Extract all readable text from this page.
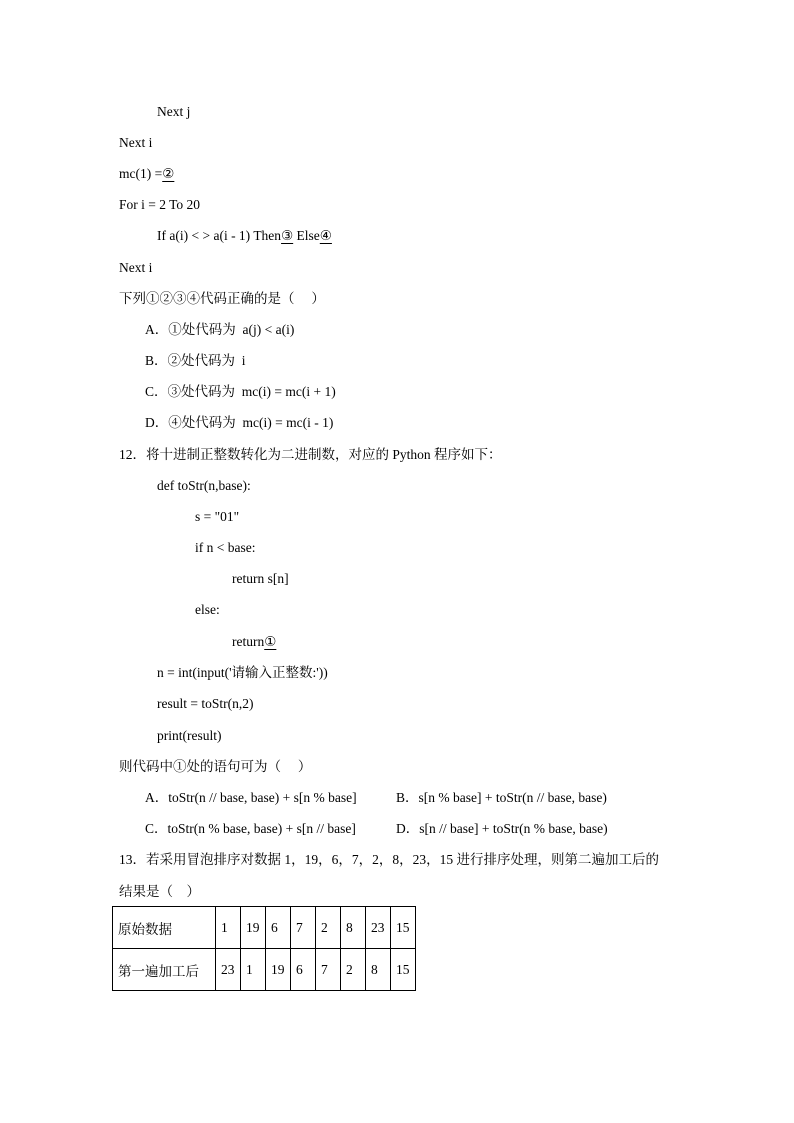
Next j
Next i
mc(1) =②
For i = 2 To 20
If a(i) < > a(i - 1) Then③ Else④
Next i
下列①②③④代码正确的是（     ）
A．①处代码为  a(j) < a(i)
B．②处代码为  i
C．③处代码为  mc(i) = mc(i + 1)
D．④处代码为  mc(i) = mc(i - 1)
12．将十进制正整数转化为二进制数，对应的 Python 程序如下：
def toStr(n,base):
s = "01"
if n < base:
return s[n]
else:
return①
n = int(input('请输入正整数:'))
result = toStr(n,2)
print(result)
则代码中①处的语句可为（     ）
A．toStr(n // base, base) + s[n % base]	B．s[n % base] + toStr(n // base, base)
C．toStr(n % base, base) + s[n // base]	D．s[n // base] + toStr(n % base, base)
13．若采用冒泡排序对数据 1，19，6，7，2，8，23，15 进行排序处理，则第二遍加工后的
结果是（    ）
原始数据	1	19	6	7	2	8	23	15
第一遍加工后	23	1	19	6	7	2	8	15
